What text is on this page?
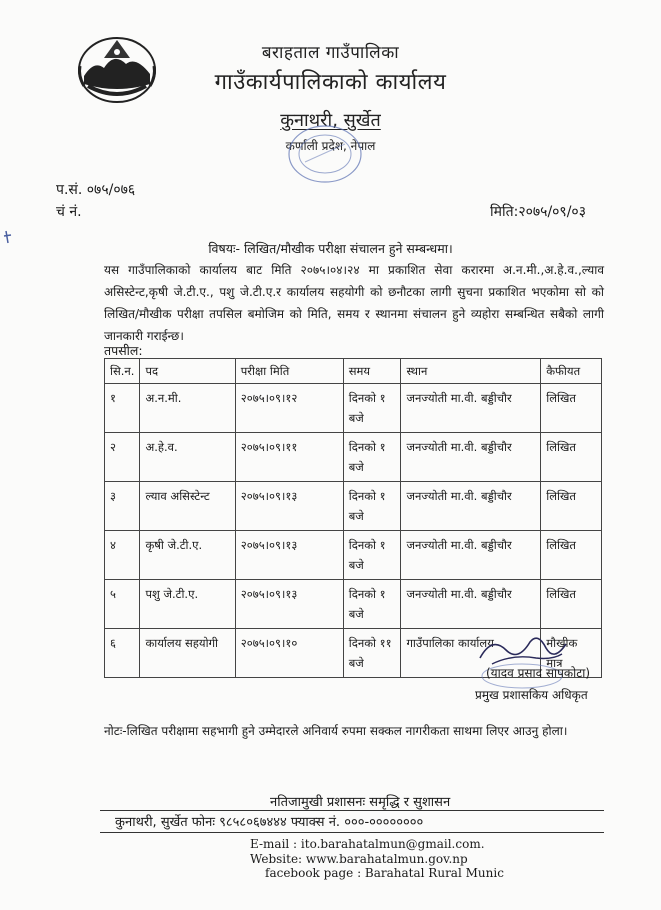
बराहताल गाउँपालिका
गाउँकार्यपालिकाको कार्यालय
कुनाथरी, सुर्खेत
कर्णाली प्रदेश, नेपाल
प.सं. ०७५/०७६
चं नं.	मिति:२०७५/०९/०३
विषयः- लिखित/मौखीक परीक्षा संचालन हुने सम्बन्धमा।
यस गाउँपालिकाको कार्यालय बाट मिति २०७५।०४।२४ मा प्रकाशित सेवा करारमा अ.न.मी.,अ.हे.व.,ल्याव असिस्टेन्ट,कृषी जे.टी.ए., पशु जे.टी.ए.र कार्यालय सहयोगी को छनौटका लागी सुचना प्रकाशित भएकोमा सो को लिखित/मौखीक परीक्षा तपसिल बमोजिम को मिति, समय र स्थानमा संचालन हुने व्यहोरा सम्बन्धित सबैको लागी जानकारी गराईन्छ।
तपसील:
सि.न.	पद	परीक्षा मिति	समय	स्थान	कैफीयत
१	अ.न.मी.	२०७५।०९।१२	दिनको १ बजे	जनज्योती मा.वी. बड्डीचौर	लिखित
२	अ.हे.व.	२०७५।०९।११	दिनको १ बजे	जनज्योती मा.वी. बड्डीचौर	लिखित
३	ल्याव असिस्टेन्ट	२०७५।०९।१३	दिनको १ बजे	जनज्योती मा.वी. बड्डीचौर	लिखित
४	कृषी जे.टी.ए.	२०७५।०९।१३	दिनको १ बजे	जनज्योती मा.वी. बड्डीचौर	लिखित
५	पशु जे.टी.ए.	२०७५।०९।१३	दिनको १ बजे	जनज्योती मा.वी. बड्डीचौर	लिखित
६	कार्यालय सहयोगी	२०७५।०९।१०	दिनको ११ बजे	गाउँपालिका कार्यालय	मौखीक मात्र
(यादव प्रसाद सापकोटा)
प्रमुख प्रशासकिय अधिकृत
नोटः-लिखित परीक्षामा सहभागी हुने उम्मेदारले अनिवार्य रुपमा सक्कल नागरीकता साथमा लिएर आउनु होला।
नतिजामुखी प्रशासनः समृद्धि र सुशासन
कुनाथरी, सुर्खेत फोनः ९८५८०६७४४४ फ्याक्स नं. ०००-००००००००
E-mail : ito.barahatalmun@gmail.com.
Website: www.barahatalmun.gov.np
facebook page : Barahatal Rural Munic
